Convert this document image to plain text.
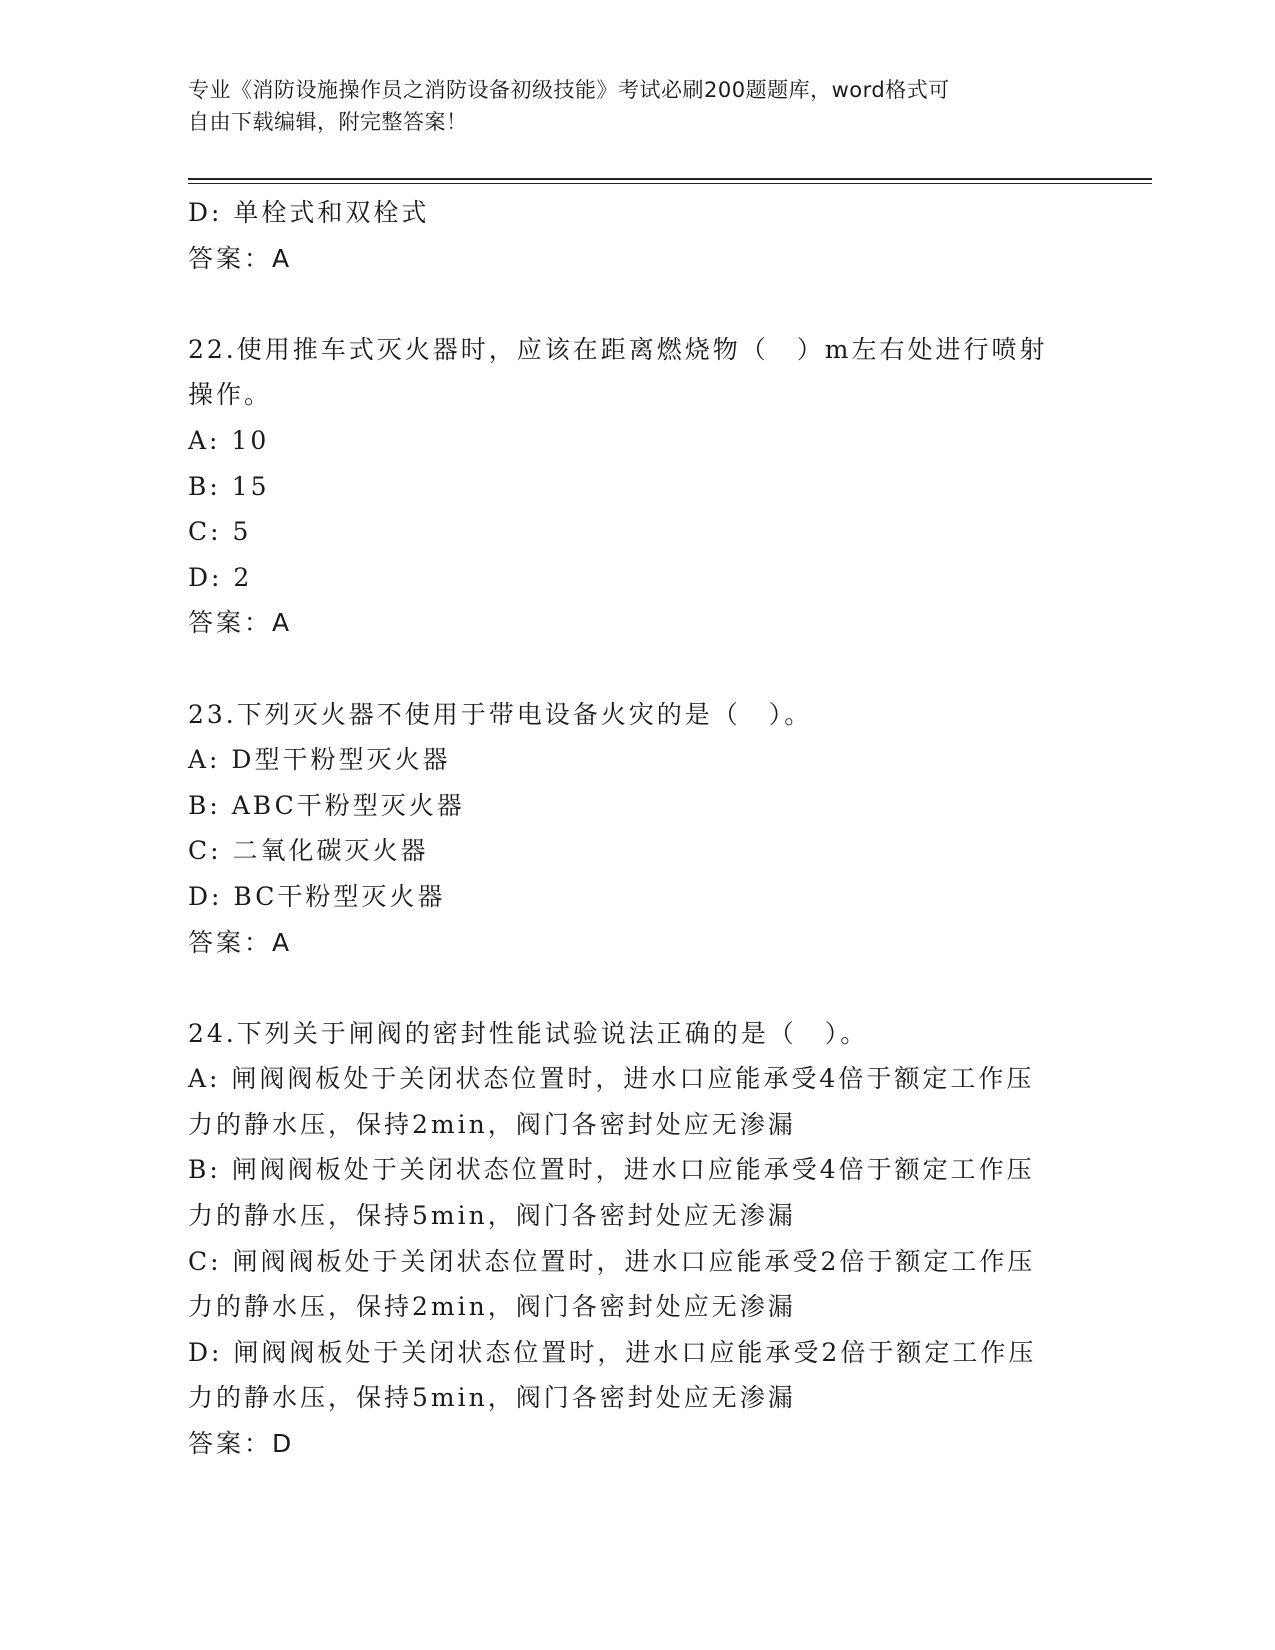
专业《消防设施操作员之消防设备初级技能》考试必刷200题题库，word格式可
自由下载编辑，附完整答案！
D: 单栓式和双栓式
答案：A
22.使用推车式灭火器时，应该在距离燃烧物（　）m左右处进行喷射
操作。
A: 10
B: 15
C: 5
D: 2
答案：A
23.下列灭火器不使用于带电设备火灾的是（　）。
A: D型干粉型灭火器
B: ABC干粉型灭火器
C: 二氧化碳灭火器
D: BC干粉型灭火器
答案：A
24.下列关于闸阀的密封性能试验说法正确的是（　）。
A: 闸阀阀板处于关闭状态位置时，进水口应能承受4倍于额定工作压
力的静水压，保持2min，阀门各密封处应无渗漏
B: 闸阀阀板处于关闭状态位置时，进水口应能承受4倍于额定工作压
力的静水压，保持5min，阀门各密封处应无渗漏
C: 闸阀阀板处于关闭状态位置时，进水口应能承受2倍于额定工作压
力的静水压，保持2min，阀门各密封处应无渗漏
D: 闸阀阀板处于关闭状态位置时，进水口应能承受2倍于额定工作压
力的静水压，保持5min，阀门各密封处应无渗漏
答案：D
